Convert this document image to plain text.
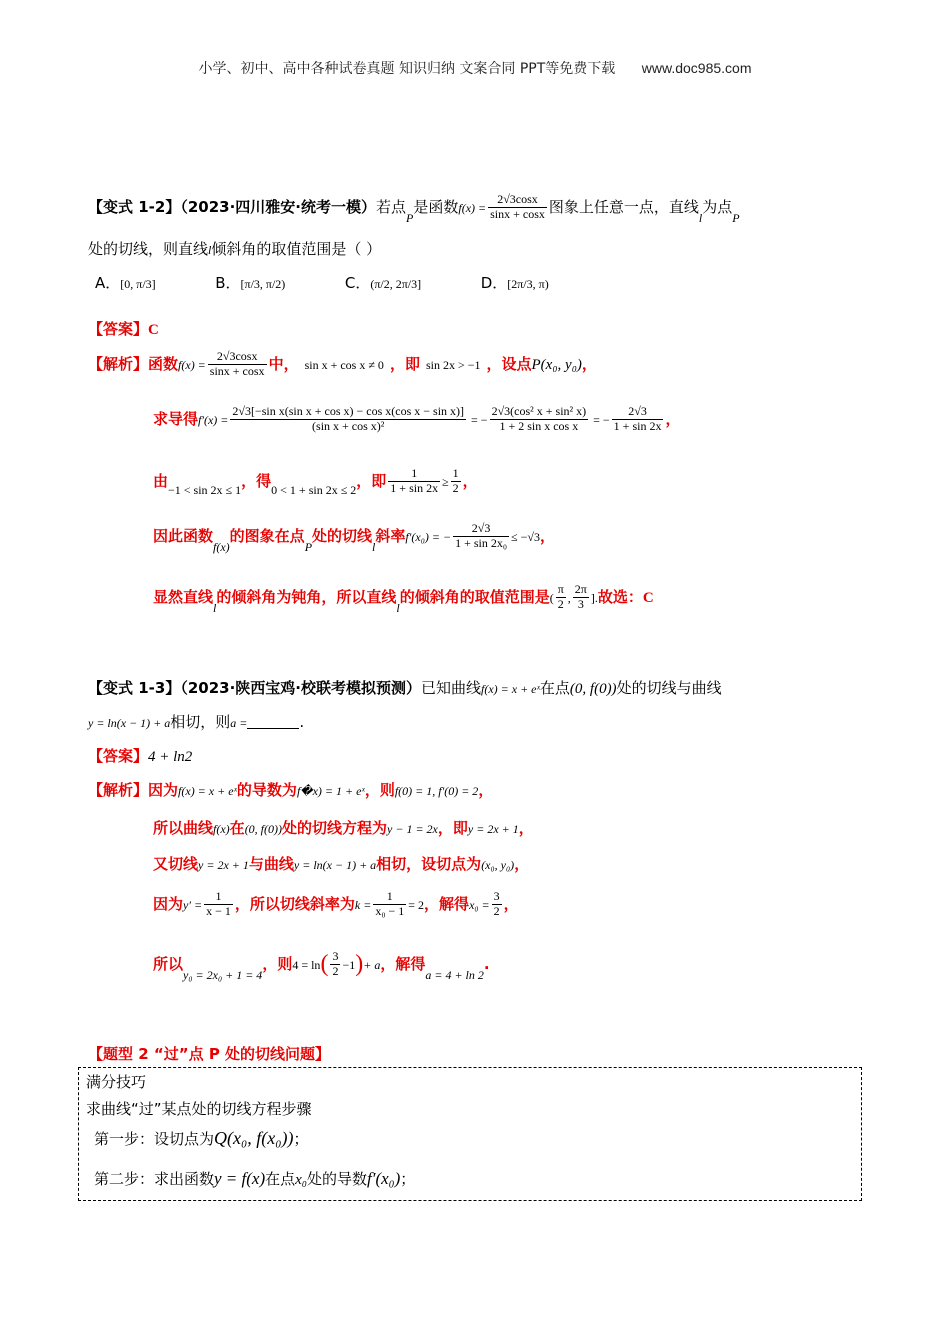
小学、初中、高中各种试卷真题 知识归纳 文案合同 PPT等免费下载 www.doc985.com
【变式 1-2】（2023·四川雅安·统考一模）若点$_P$是函数$f(x) = \frac{2√3\cos x}{\sin x + \cos x}$ 图象上任意一点，直线$_l$为点$_P$
处的切线，则直线l倾斜角的取值范围是（ ）
A．[0, π/3]	B．[π/3, π/2)	C．(π/2, 2π/3]	D．[2π/3, π)
【答案】C
【解析】函数$f(x) = \frac{2√3\cos x}{\sin x + \cos x}$ 中， sin x + cos x ≠ 0 ，即 sin 2x > −1 ，设点P(x₀, y₀)，
求导得$f'(x) = \frac{\text{2√3[−sin x(sin x + cos x) − cos x(cos x − sin x)]}}{\text{(sin x + cos x)²}}$ = − $\frac{\text{2√3(cos² x + sin² x)}}{\text{1 + 2 sin x cos x}}$ = − $\frac{2√3}{1 + \sin 2x}$ ，
由$_{-1 < sin 2x \le 1}$，得$_{0 < 1 + sin 2x \le 2}$，即 $\frac{1}{1 + \sin 2x} \ge \frac{1}{2}$ ，
因此函数$_{f(x)}$的图象在点$_P$处的切线$_l$斜率f′(x₀) = − $\frac{2√3}{\text{1 + sin 2x₀}} \le -√3$，
显然直线$_l$的倾斜角为钝角，所以直线$_l$的倾斜角的取值范围是( $\frac{\pi}{2}$ , $\frac{2\pi}{3}$ ].故选：C
【变式 1-3】（2023·陕西宝鸡·校联考模拟预测）已知曲线f(x) = x + eˣ在点(0, f(0))处的切线与曲线
y = ln(x − 1) + a相切，则a =	.
【答案】4 + ln2
【解析】因为f(x) = x + eˣ的导数为f�x) = 1 + eˣ，则f(0) = 1, f′(0) = 2，
所以曲线f(x)在(0, f(0))处的切线方程为y − 1 = 2x，即y = 2x + 1，
又切线y = 2x + 1与曲线y = ln(x − 1) + a相切，设切点为(x₀, y₀)，
因为$y' = \frac{1}{x - 1}$ ，所以切线斜率为$k = \frac{1}{\text{x₀ − 1}} = 2$，解得$x_0 = \frac{3}{2}$ ，
所以$_{y_0 = 2x_0 + 1 = 4}$，则$4 = \ln( \frac{3}{2} -1)+ a$，解得$_{a = 4 + ln 2}$.
【题型 2 “过”点 P 处的切线问题】
满分技巧
求曲线“过”某点处的切线方程步骤
第一步：设切点为Q(x₀, f(x₀))；
第二步：求出函数y = f(x)在点x₀处的导数f′(x₀)；
